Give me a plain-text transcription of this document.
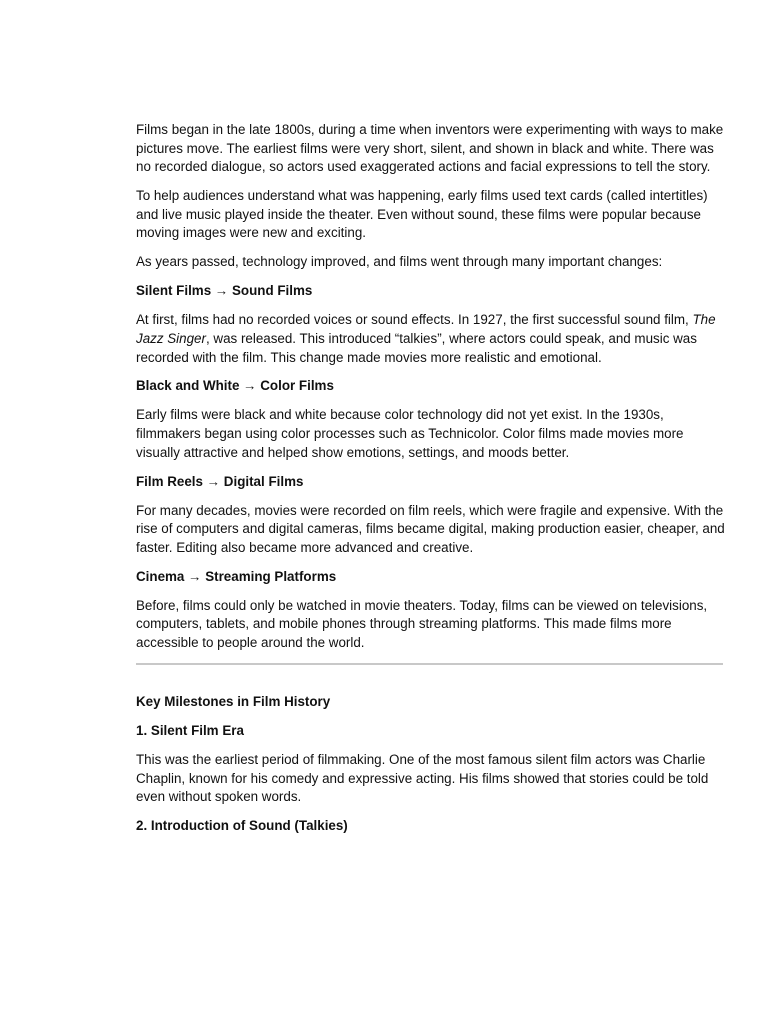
Films began in the late 1800s, during a time when inventors were experimenting with ways to make pictures move. The earliest films were very short, silent, and shown in black and white. There was no recorded dialogue, so actors used exaggerated actions and facial expressions to tell the story.

To help audiences understand what was happening, early films used text cards (called intertitles) and live music played inside the theater. Even without sound, these films were popular because moving images were new and exciting.

As years passed, technology improved, and films went through many important changes:

Silent Films → Sound Films

At first, films had no recorded voices or sound effects. In 1927, the first successful sound film, The Jazz Singer, was released. This introduced “talkies”, where actors could speak, and music was recorded with the film. This change made movies more realistic and emotional.

Black and White → Color Films

Early films were black and white because color technology did not yet exist. In the 1930s, filmmakers began using color processes such as Technicolor. Color films made movies more visually attractive and helped show emotions, settings, and moods better.

Film Reels → Digital Films

For many decades, movies were recorded on film reels, which were fragile and expensive. With the rise of computers and digital cameras, films became digital, making production easier, cheaper, and faster. Editing also became more advanced and creative.

Cinema → Streaming Platforms

Before, films could only be watched in movie theaters. Today, films can be viewed on televisions, computers, tablets, and mobile phones through streaming platforms. This made films more accessible to people around the world.

Key Milestones in Film History

1. Silent Film Era

This was the earliest period of filmmaking. One of the most famous silent film actors was Charlie Chaplin, known for his comedy and expressive acting. His films showed that stories could be told even without spoken words.

2. Introduction of Sound (Talkies)
